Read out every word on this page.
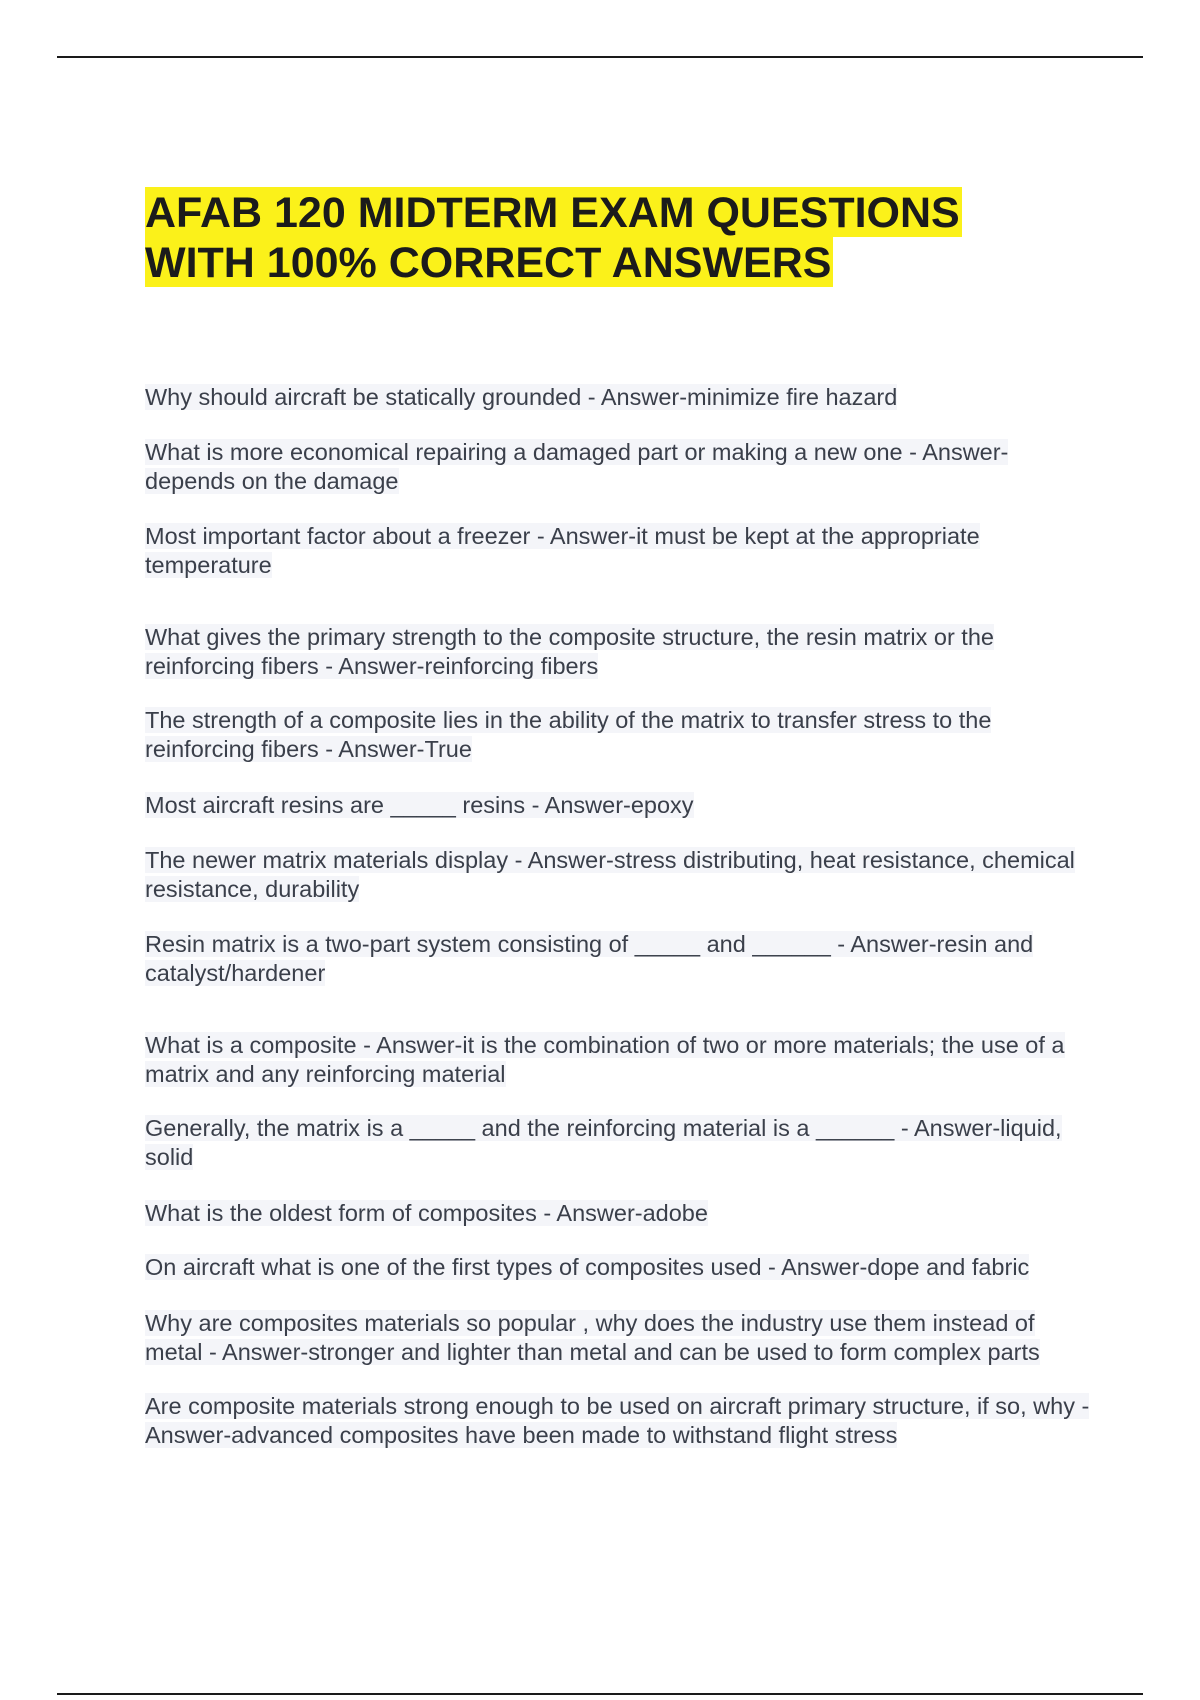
AFAB 120 MIDTERM EXAM QUESTIONS
WITH 100% CORRECT ANSWERS
Why should aircraft be statically grounded - Answer-minimize fire hazard
What is more economical repairing a damaged part or making a new one - Answer-depends on the damage
Most important factor about a freezer - Answer-it must be kept at the appropriate temperature
What gives the primary strength to the composite structure, the resin matrix or the reinforcing fibers - Answer-reinforcing fibers
The strength of a composite lies in the ability of the matrix to transfer stress to the reinforcing fibers - Answer-True
Most aircraft resins are _____ resins - Answer-epoxy
The newer matrix materials display - Answer-stress distributing, heat resistance, chemical resistance, durability
Resin matrix is a two-part system consisting of _____ and ______ - Answer-resin and catalyst/hardener
What is a composite - Answer-it is the combination of two or more materials; the use of a matrix and any reinforcing material
Generally, the matrix is a _____ and the reinforcing material is a ______ - Answer-liquid, solid
What is the oldest form of composites - Answer-adobe
On aircraft what is one of the first types of composites used - Answer-dope and fabric
Why are composites materials so popular , why does the industry use them instead of metal - Answer-stronger and lighter than metal and can be used to form complex parts
Are composite materials strong enough to be used on aircraft primary structure, if so, why - Answer-advanced composites have been made to withstand flight stress
